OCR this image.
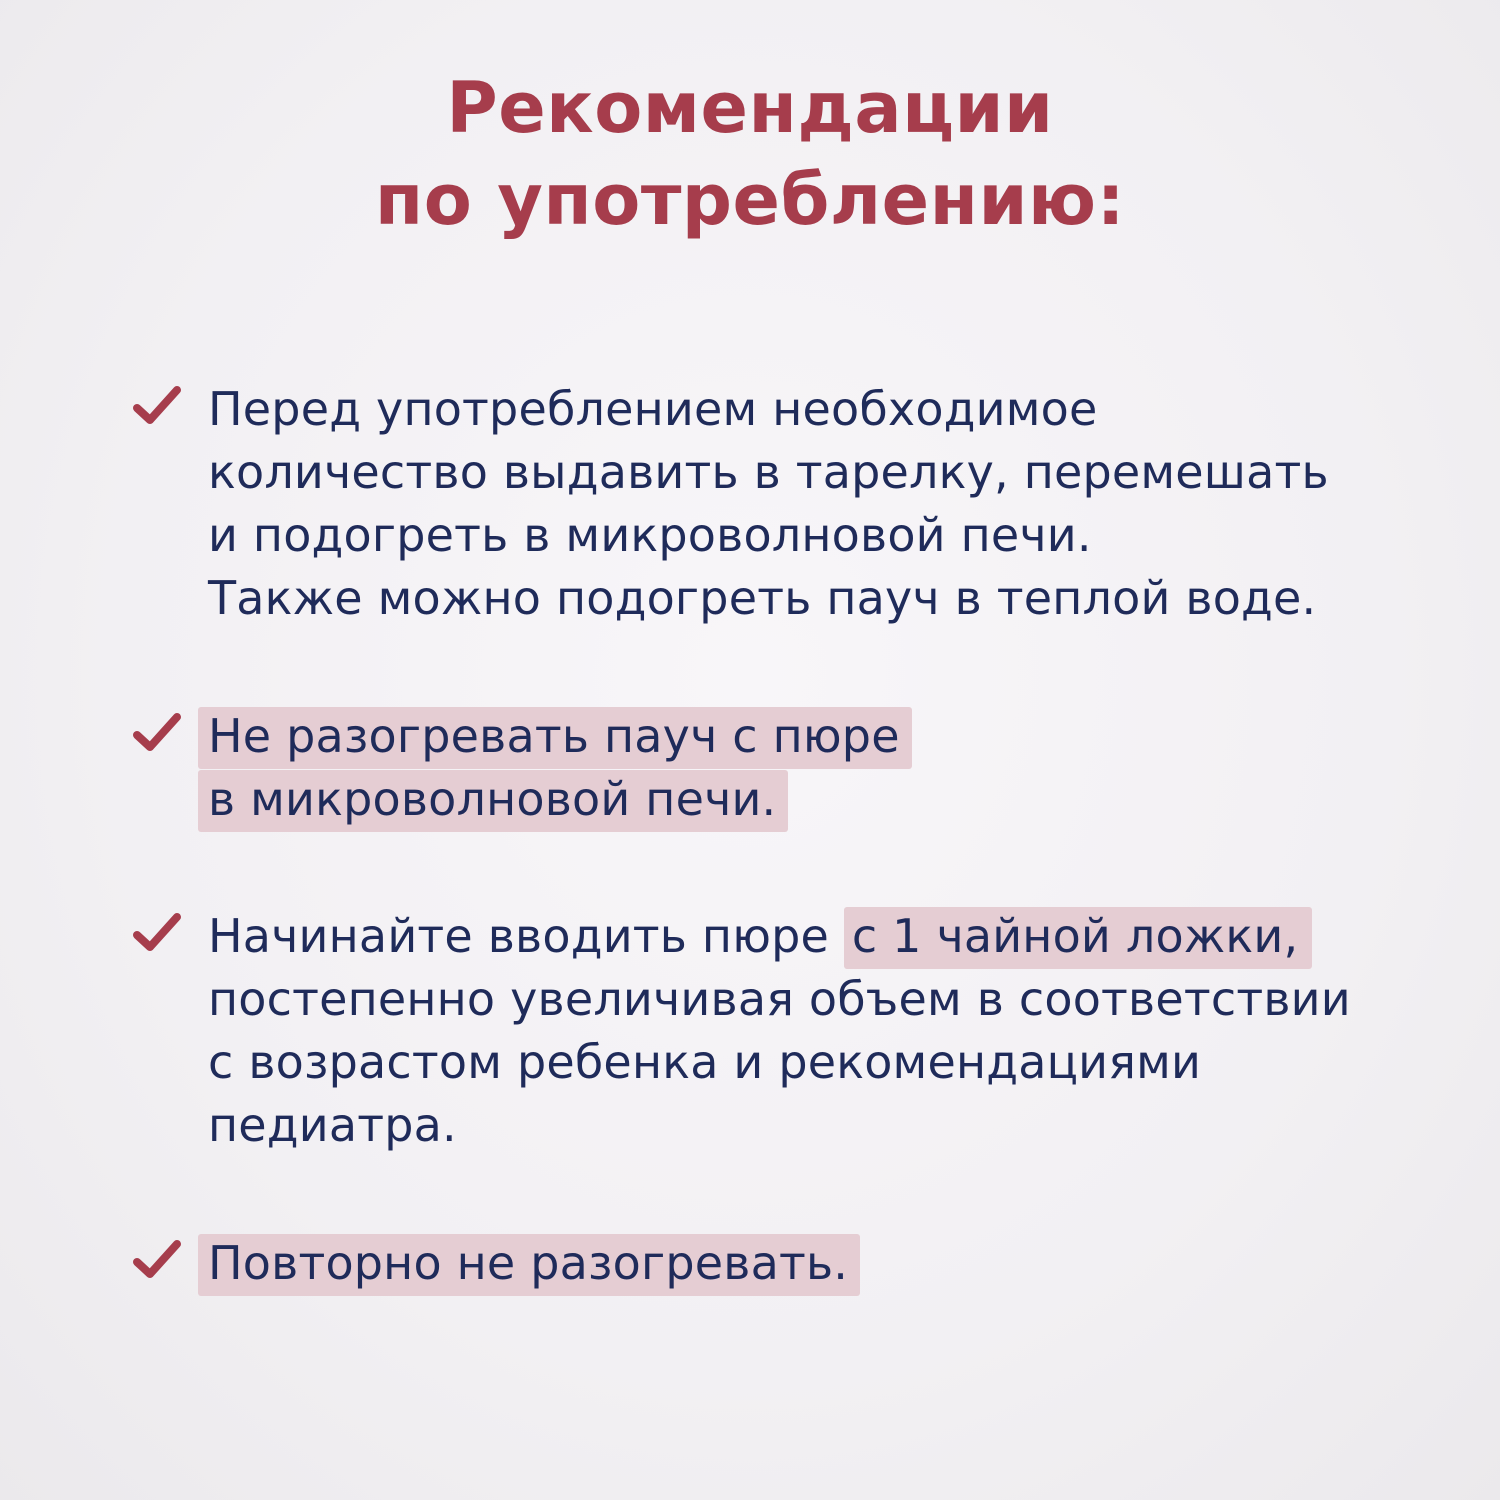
Рекомендации
по употреблению:
Перед употреблением необходимое
количество выдавить в тарелку, перемешать
и подогреть в микроволновой печи.
Также можно подогреть пауч в теплой воде.
Не разогревать пауч с пюре
в микроволновой печи.
Начинайте вводить пюре с 1 чайной ложки,
постепенно увеличивая объем в соответствии
с возрастом ребенка и рекомендациями
педиатра.
Повторно не разогревать.
